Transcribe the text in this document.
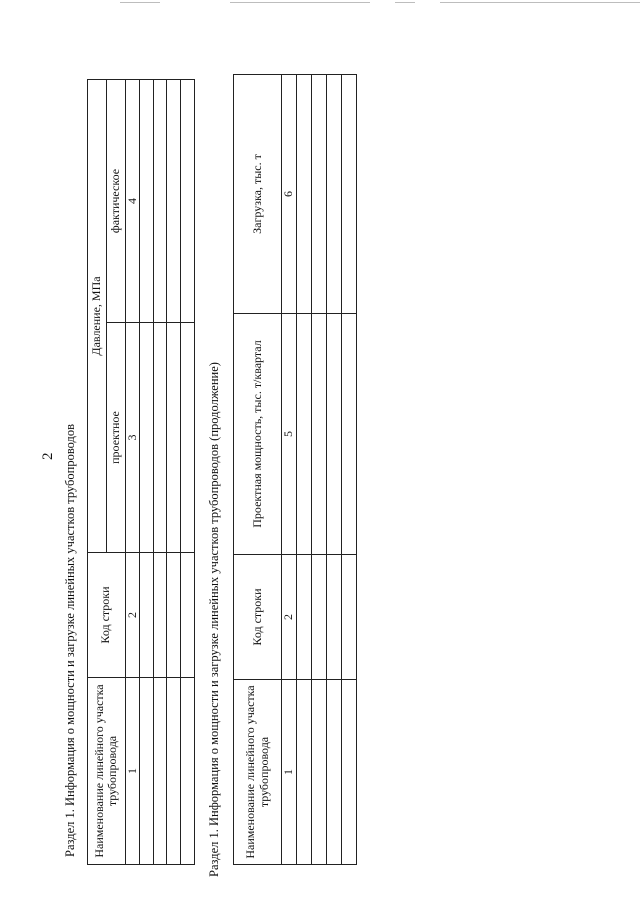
2 Раздел 1. Информация о мощности и загрузке линейных участков трубопроводов Наименование линейного участка трубопровода	Код строки	Давление, МПа	
		проектное	фактическое
1	2	3	4

Раздел 1. Информация о мощности и загрузке линейных участков трубопроводов (продолжение) Наименование линейного участка трубопровода	Код строки	Проектная мощность, тыс. т/квартал	Загрузка, тыс. т
1	2	5	6
